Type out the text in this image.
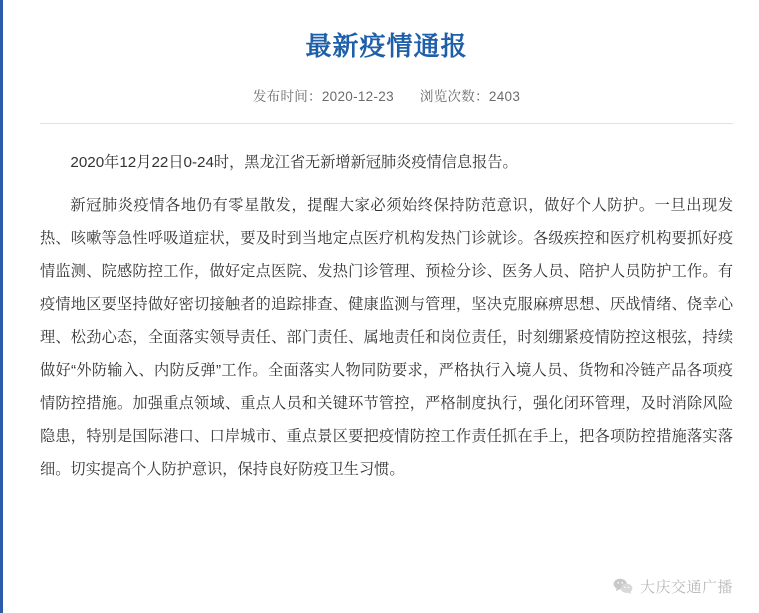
最新疫情通报
发布时间：2020-12-23 浏览次数：2403

2020年12月22日0-24时，黑龙江省无新增新冠肺炎疫情信息报告。

新冠肺炎疫情各地仍有零星散发，提醒大家必须始终保持防范意识，做好个人防护。一旦出现发热、咳嗽等急性呼吸道症状，要及时到当地定点医疗机构发热门诊就诊。各级疾控和医疗机构要抓好疫情监测、院感防控工作，做好定点医院、发热门诊管理、预检分诊、医务人员、陪护人员防护工作。有疫情地区要坚持做好密切接触者的追踪排查、健康监测与管理，坚决克服麻痹思想、厌战情绪、侥幸心理、松劲心态，全面落实领导责任、部门责任、属地责任和岗位责任，时刻绷紧疫情防控这根弦，持续做好“外防输入、内防反弹”工作。全面落实人物同防要求，严格执行入境人员、货物和冷链产品各项疫情防控措施。加强重点领域、重点人员和关键环节管控，严格制度执行，强化闭环管理，及时消除风险隐患，特别是国际港口、口岸城市、重点景区要把疫情防控工作责任抓在手上，把各项防控措施落实落细。切实提高个人防护意识，保持良好防疫卫生习惯。

大庆交通广播
